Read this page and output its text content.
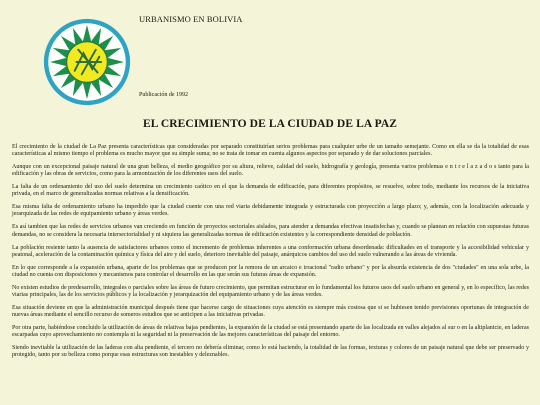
URBANISMO EN BOLIVIA
Publicación de 1992
EL CRECIMIENTO DE LA CIUDAD DE LA PAZ

El crecimiento de la ciudad de La Paz presenta características que consideradas por separado constituirían serios problemas para cualquier urbe de un tamaño semejante. Como en ella se da la totalidad de esas características al mismo tiempo el problema es mucho mayor que su simple suma; no se trata de tomar en cuenta algunos aspectos por separado y de dar soluciones parciales.

Aunque con un excepcional paisaje natural de una gran belleza, el medio geográfico por su altura, relieve, calidad del suelo, hidrografía y geología, presenta varios problemas e n t r e l a z a d o s tanto para la edificación y las obras de servicios, como para la armonización de los diferentes usos del suelo.

La falta de un ordenamiento del uso del suelo determina un crecimiento caótico en el que la demanda de edificación, para diferentes propósitos, se resuelve, sobre todo, mediante los recursos de la iniciativa privada, en el marco de generalizadas normas relativas a la densificación.

Esa misma falta de ordenamiento urbano ha impedido que la ciudad cuente con una red viaria debidamente integrada y estructurada con proyección a largo plazo; y, además, con la localización adecuada y jerarquizada de las redes de equipamiento urbano y áreas verdes.

Es así tambien que las redes de servicios urbanos van creciendo en función de proyectos sectoriales aislados, para atender a demandas efectivas insatisfechas y, cuando se planean en relación con supuestas futuras demandas, no se considera la necesaria intersectorialidad y ni siquiera las generalizadas normas de edificación existentes y la correspondiente densidad de población.

La población resiente tanto la ausencia de satisfactores urbanos como el incremento de problemas inherentes a una conformación urbana desordenada: dificultades en el transporte y la accesibilidad vehicular y peatonal, aceleración de la contaminación química y física del aire y del suelo, deterioro inevitable del paisaje, anárquicos cambios del uso del suelo vulnerando a las áreas de vivienda.

En lo que corresponde a la expansión urbana, aparte de los problemas que se producen por la remora de un arcaico e irracional "radio urbano" y por la absurda existencia de dos "ciudades" en una sola urbe, la ciudad no cuenta con disposiciones y mecanismos para controlar el desarrollo en las que serán sus futuras áreas de expansión.

No existen estudios de predesarrollo, integrales o parciales sobre las áreas de futuro crecimiento, que permitan estructurar en lo fundamental los futuros usos del suelo urbano en general y, en lo específico, las redes viarias principales, las de los servicios públicos y la localización y jerarquización del equipamiento urbano y de las áreas verdes.

Esa situación deviene en que la administración municipal después tiene que hacerse cargo de situaciones cuya atención es siempre más costosa que si se hubiesen tenido previsiones oportunas de integración de nuevas áreas mediante el sencillo recurso de someros estudios que se anticipen a las iniciativas privadas.

Por otra parte, habiéndose concluido la utilización de áreas de relativas bajas pendientes, la expansión de la ciudad se está presentando aparte de las localizada en valles alejados al sur o en la altiplanicie, en laderas escarpadas cuyo aprovechamiento no contempla ni la seguridad ni la preservación de las mejores características del paisaje del entorno.

Siendo inevitable la utilización de las laderas con alta pendiente, el tercero no debería eliminar, como lo está haciendo, la totalidad de las formas, texturas y colores de un paisaje natural que debe ser preservado y protegido, tanto por su belleza como porque esas estructuras son inestables y deleznables.
